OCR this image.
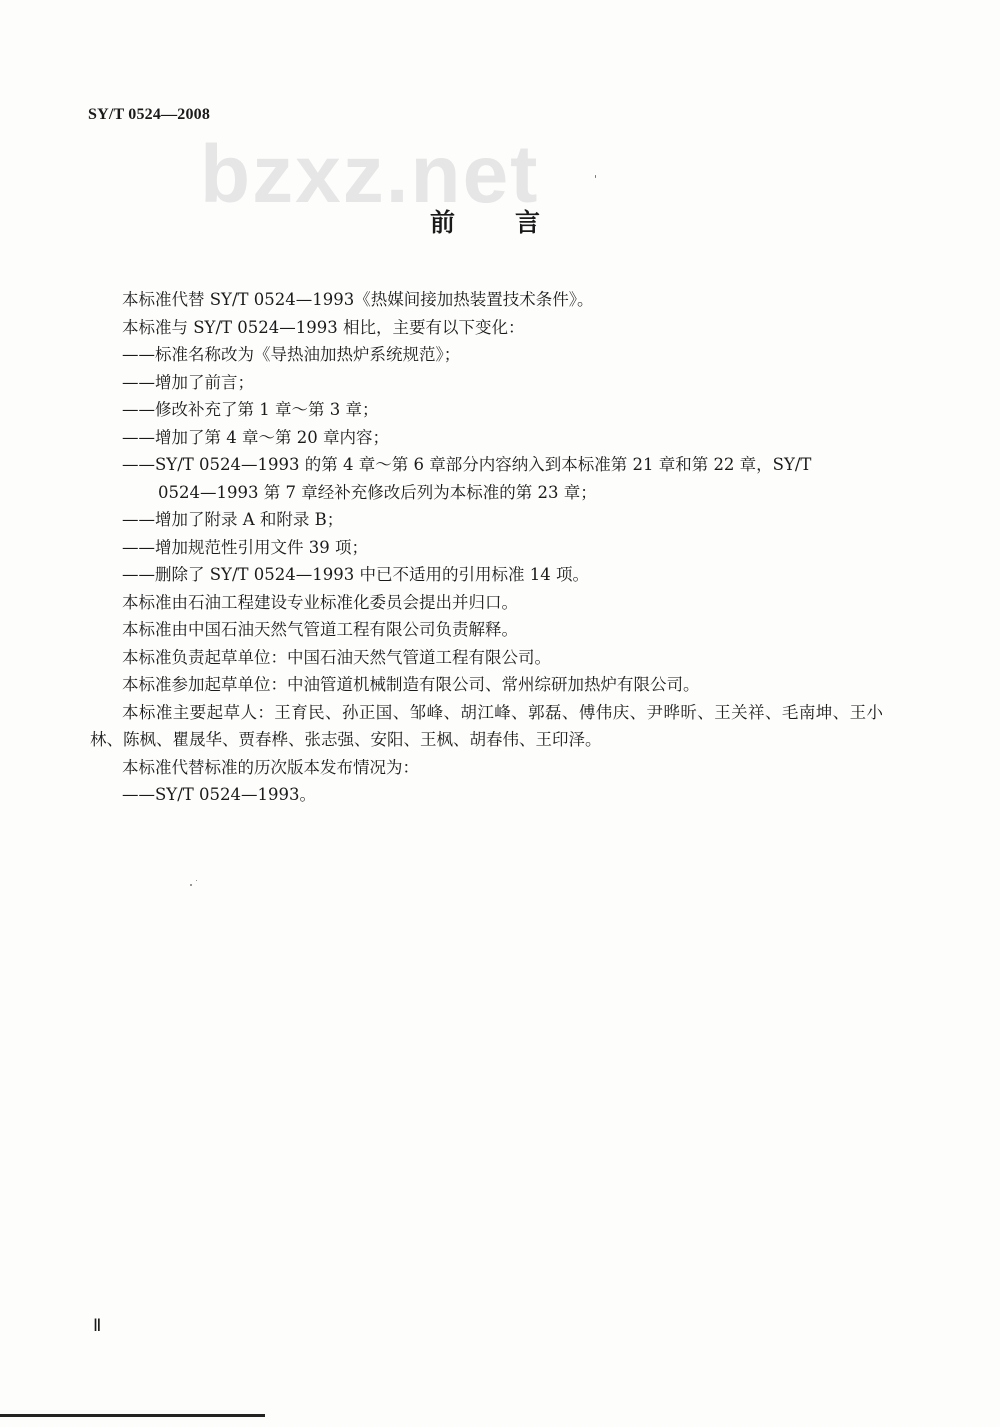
SY/T 0524—2008
bzxz.net
前言
本标准代替 SY/T 0524—1993《热媒间接加热装置技术条件》。
本标准与 SY/T 0524—1993 相比，主要有以下变化：
——标准名称改为《导热油加热炉系统规范》；
——增加了前言；
——修改补充了第 1 章～第 3 章；
——增加了第 4 章～第 20 章内容；
——SY/T 0524—1993 的第 4 章～第 6 章部分内容纳入到本标准第 21 章和第 22 章，SY/T
0524—1993 第 7 章经补充修改后列为本标准的第 23 章；
——增加了附录 A 和附录 B；
——增加规范性引用文件 39 项；
——删除了 SY/T 0524—1993 中已不适用的引用标准 14 项。
本标准由石油工程建设专业标准化委员会提出并归口。
本标准由中国石油天然气管道工程有限公司负责解释。
本标准负责起草单位：中国石油天然气管道工程有限公司。
本标准参加起草单位：中油管道机械制造有限公司、常州综研加热炉有限公司。
本标准主要起草人：王育民、孙正国、邹峰、胡江峰、郭磊、傅伟庆、尹晔昕、王关祥、毛南坤、王小林、陈枫、瞿晟华、贾春桦、张志强、安阳、王枫、胡春伟、王印泽。
本标准代替标准的历次版本发布情况为：
——SY/T 0524—1993。
Ⅱ
